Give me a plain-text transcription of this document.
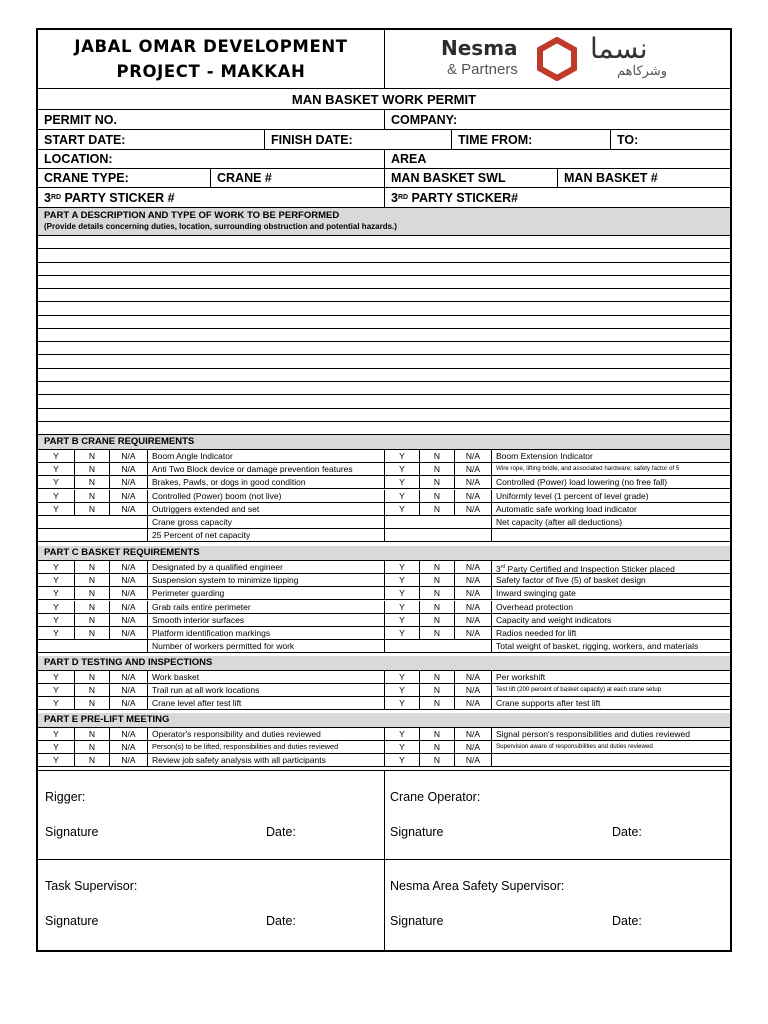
JABAL OMAR DEVELOPMENT
PROJECT - MAKKAH
Nesma
& Partners
نسما
وشركاهم
MAN BASKET WORK PERMIT
PERMIT NO.	COMPANY:
START DATE:	FINISH DATE:	TIME FROM:	TO:
LOCATION:	AREA
CRANE TYPE:	CRANE #	MAN BASKET SWL	MAN BASKET #
3 RD PARTY STICKER #	3 RD PARTY STICKER#
PART A DESCRIPTION AND TYPE OF WORK TO BE PERFORMED
(Provide details concerning duties, location, surrounding obstruction and potential hazards.)
PART B CRANE REQUIREMENTS
Y	N	N/A	Boom Angle Indicator	Y	N	N/A	Boom Extension Indicator
Y	N	N/A	Anti Two Block device or damage prevention features	Y	N	N/A	Wire rope, lifting bridle, and associated hardware; safety factor of 5
Y	N	N/A	Brakes, Pawls, or dogs in good condition	Y	N	N/A	Controlled (Power) load lowering (no free fall)
Y	N	N/A	Controlled (Power) boom (not live)	Y	N	N/A	Uniformly level (1 percent of level grade)
Y	N	N/A	Outriggers extended and set	Y	N	N/A	Automatic safe working load indicator
Crane gross capacity	Net capacity (after all deductions)
25 Percent of net capacity
PART C BASKET REQUIREMENTS
Y	N	N/A	Designated by a qualified engineer	Y	N	N/A	3rd Party Certified and Inspection Sticker placed
Y	N	N/A	Suspension system to minimize tipping	Y	N	N/A	Safety factor of five (5) of basket design
Y	N	N/A	Perimeter guarding	Y	N	N/A	Inward swinging gate
Y	N	N/A	Grab rails entire perimeter	Y	N	N/A	Overhead protection
Y	N	N/A	Smooth interior surfaces	Y	N	N/A	Capacity and weight indicators
Y	N	N/A	Platform identification markings	Y	N	N/A	Radios needed for lift
Number of workers permitted for work	Total weight of basket, rigging, workers, and materials
PART D TESTING AND INSPECTIONS
Y	N	N/A	Work basket	Y	N	N/A	Per workshift
Y	N	N/A	Trail run at all work locations	Y	N	N/A	Test lift (200 percent of basket capacity) at each crane setup
Y	N	N/A	Crane level after test lift	Y	N	N/A	Crane supports after test lift
PART E PRE-LIFT MEETING
Y	N	N/A	Operator's responsibility and duties reviewed	Y	N	N/A	Signal person's responsibilities and duties reviewed
Y	N	N/A	Person(s) to be lifted, responsibilities and duties reviewed	Y	N	N/A	Supervision aware of responsibilities and duties reviewed
Y	N	N/A	Review job safety analysis with all participants	Y	N	N/A
Rigger:
Signature	Date:
Crane Operator:
Signature	Date:
Task Supervisor:
Signature	Date:
Nesma Area Safety Supervisor:
Signature	Date:
